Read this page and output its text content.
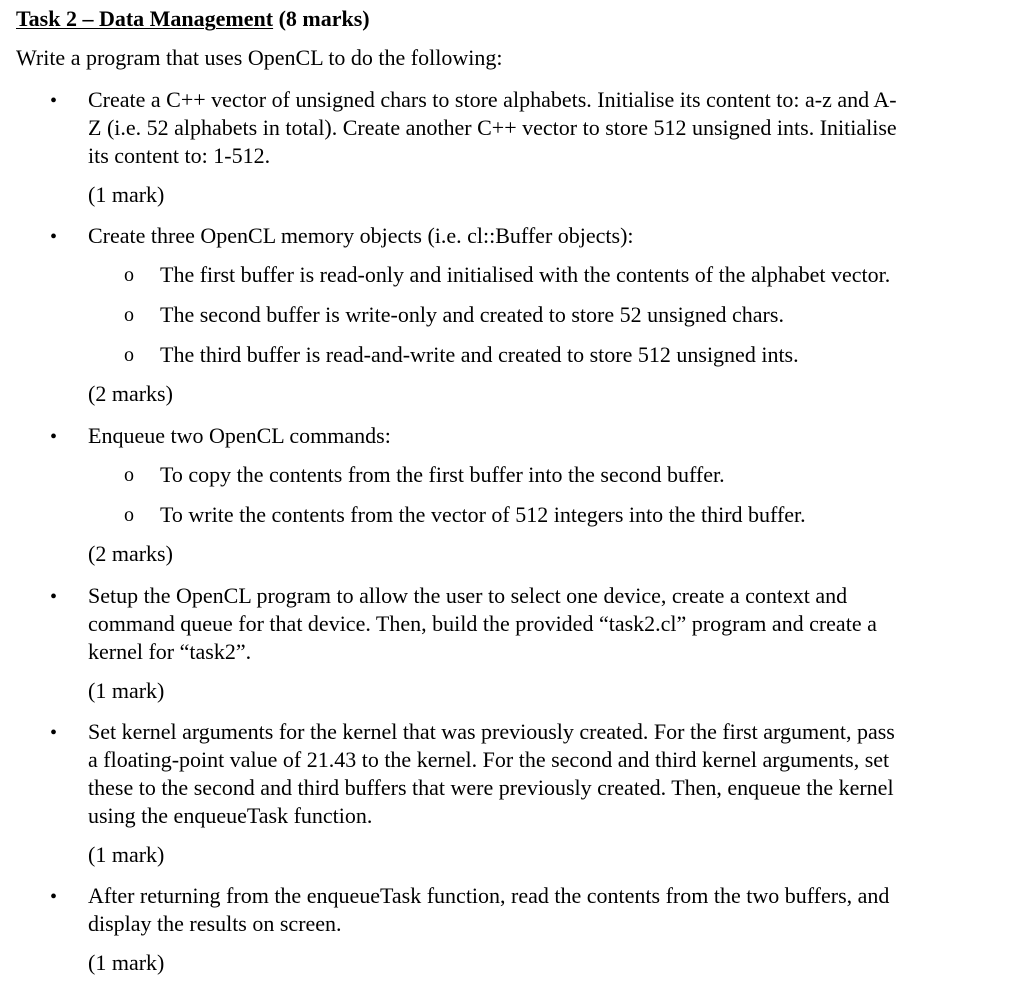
Task 2 – Data Management (8 marks)
Write a program that uses OpenCL to do the following:
• Create a C++ vector of unsigned chars to store alphabets. Initialise its content to: a-z and A-
Z (i.e. 52 alphabets in total). Create another C++ vector to store 512 unsigned ints. Initialise
its content to: 1-512.
(1 mark)
• Create three OpenCL memory objects (i.e. cl::Buffer objects):
o The first buffer is read-only and initialised with the contents of the alphabet vector.
o The second buffer is write-only and created to store 52 unsigned chars.
o The third buffer is read-and-write and created to store 512 unsigned ints.
(2 marks)
• Enqueue two OpenCL commands:
o To copy the contents from the first buffer into the second buffer.
o To write the contents from the vector of 512 integers into the third buffer.
(2 marks)
• Setup the OpenCL program to allow the user to select one device, create a context and
command queue for that device. Then, build the provided “task2.cl” program and create a
kernel for “task2”.
(1 mark)
• Set kernel arguments for the kernel that was previously created. For the first argument, pass
a floating-point value of 21.43 to the kernel. For the second and third kernel arguments, set
these to the second and third buffers that were previously created. Then, enqueue the kernel
using the enqueueTask function.
(1 mark)
• After returning from the enqueueTask function, read the contents from the two buffers, and
display the results on screen.
(1 mark)
